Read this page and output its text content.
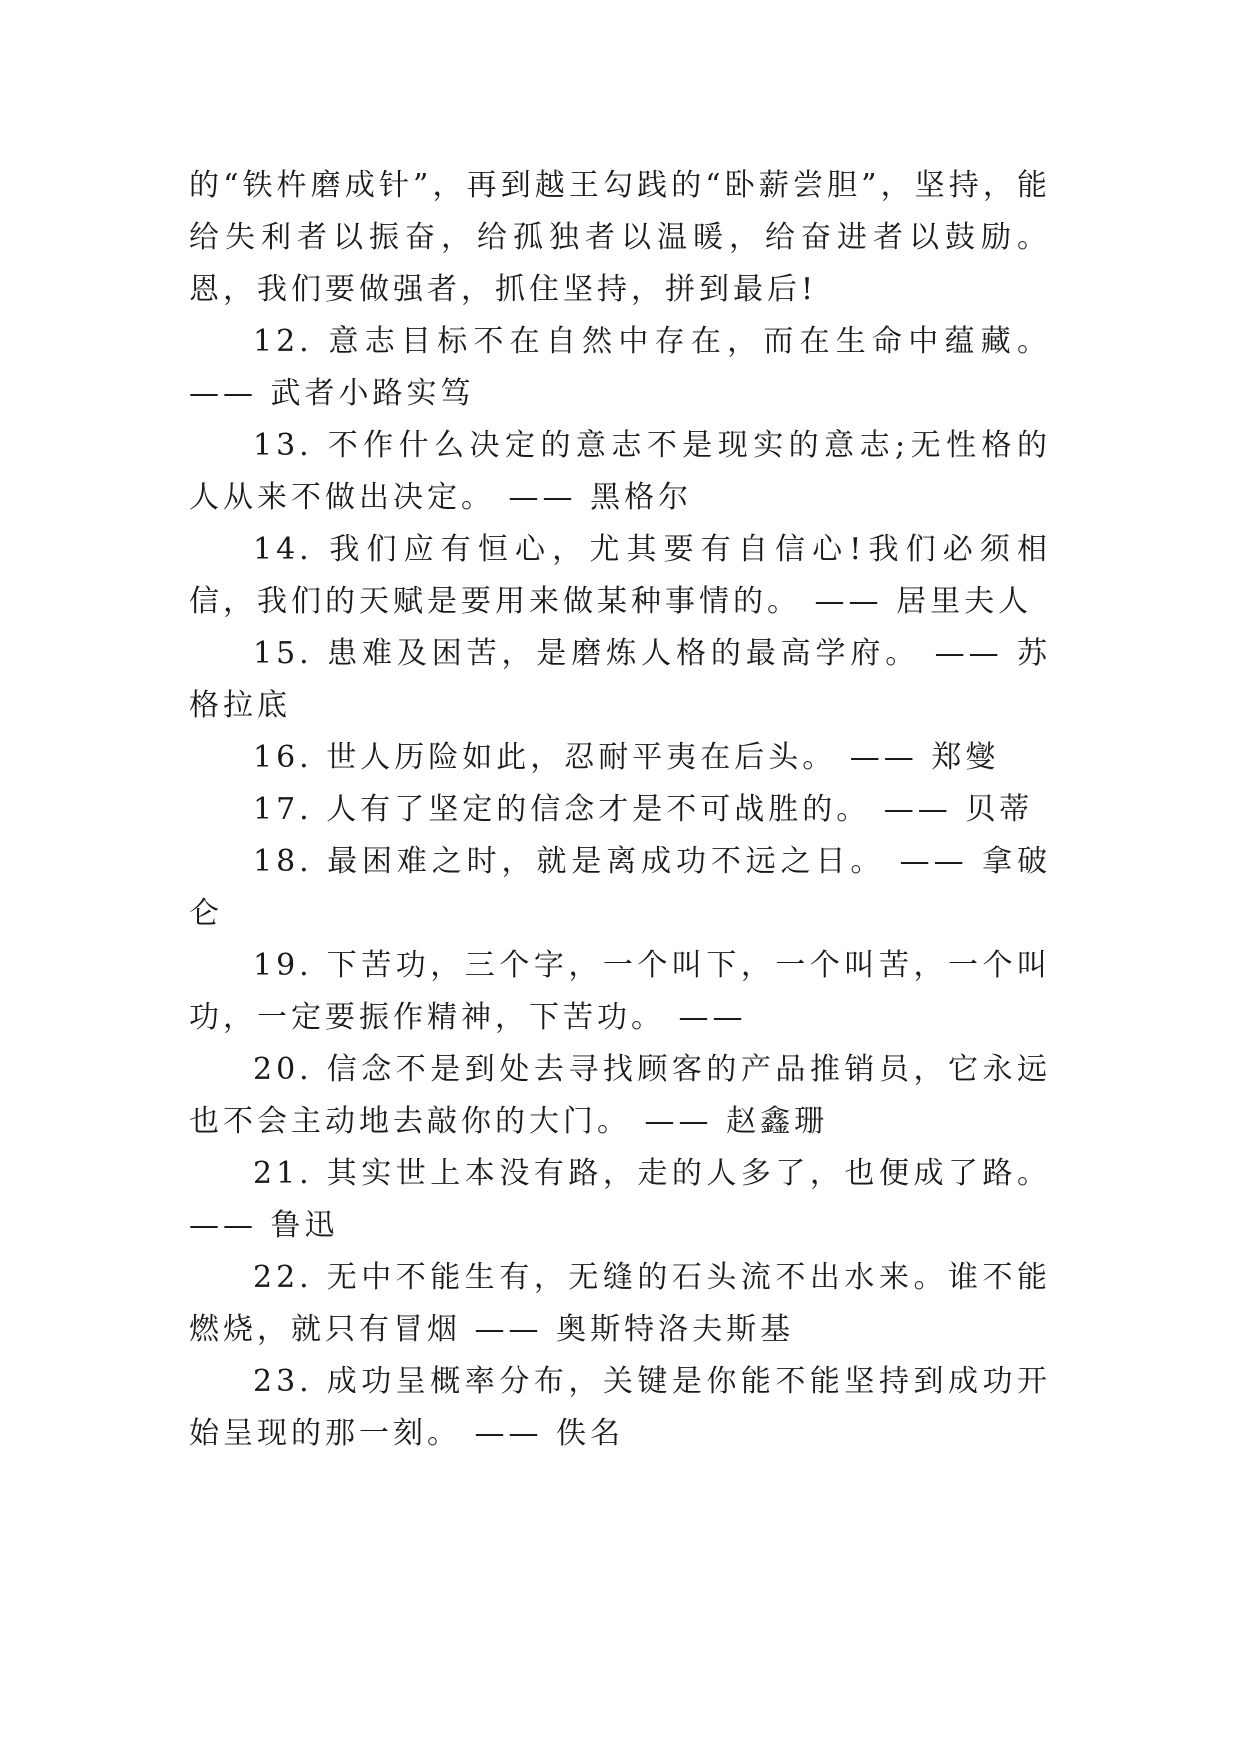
的“铁杵磨成针”，再到越王勾践的“卧薪尝胆”，坚持，能给失利者以振奋，给孤独者以温暖，给奋进者以鼓励。恩，我们要做强者，抓住坚持，拼到最后!

12. 意志目标不在自然中存在，而在生命中蕴藏。 —— 武者小路实笃

13. 不作什么决定的意志不是现实的意志;无性格的人从来不做出决定。 —— 黑格尔

14. 我们应有恒心，尤其要有自信心!我们必须相信，我们的天赋是要用来做某种事情的。 —— 居里夫人

15. 患难及困苦，是磨炼人格的最高学府。 —— 苏格拉底

16. 世人历险如此，忍耐平夷在后头。 —— 郑燮

17. 人有了坚定的信念才是不可战胜的。 —— 贝蒂

18. 最困难之时，就是离成功不远之日。 —— 拿破仑

19. 下苦功，三个字，一个叫下，一个叫苦，一个叫功，一定要振作精神，下苦功。 ——

20. 信念不是到处去寻找顾客的产品推销员，它永远也不会主动地去敲你的大门。 —— 赵鑫珊

21. 其实世上本没有路，走的人多了，也便成了路。 —— 鲁迅

22. 无中不能生有，无缝的石头流不出水来。谁不能燃烧，就只有冒烟 —— 奥斯特洛夫斯基

23. 成功呈概率分布，关键是你能不能坚持到成功开始呈现的那一刻。 —— 佚名
